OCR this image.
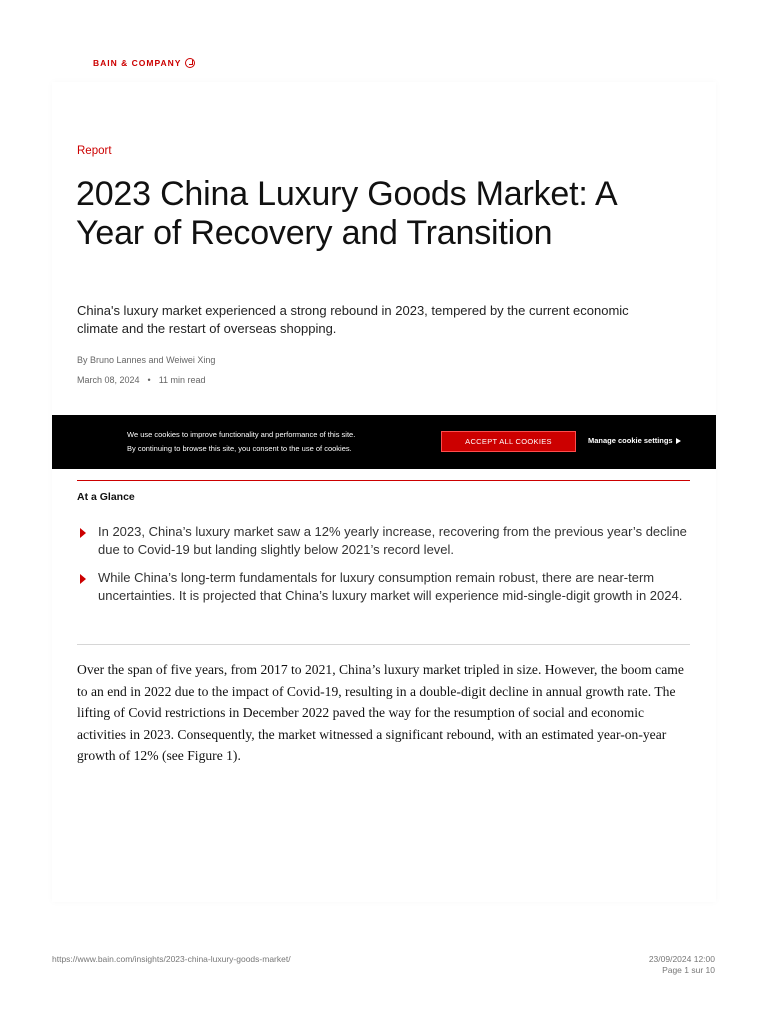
BAIN & COMPANY
Report
2023 China Luxury Goods Market: A Year of Recovery and Transition

China's luxury market experienced a strong rebound in 2023, tempered by the current economic climate and the restart of overseas shopping.

By Bruno Lannes and Weiwei Xing
March 08, 2024 • 11 min read
We use cookies to improve functionality and performance of this site.
By continuing to browse this site, you consent to the use of cookies.
ACCEPT ALL COOKIES	Manage cookie settings
At a Glance
In 2023, China’s luxury market saw a 12% yearly increase, recovering from the previous year’s decline due to Covid-19 but landing slightly below 2021’s record level.
While China’s long-term fundamentals for luxury consumption remain robust, there are near-term uncertainties. It is projected that China’s luxury market will experience mid-single-digit growth in 2024.

Over the span of five years, from 2017 to 2021, China’s luxury market tripled in size. However, the boom came to an end in 2022 due to the impact of Covid-19, resulting in a double-digit decline in annual growth rate. The lifting of Covid restrictions in December 2022 paved the way for the resumption of social and economic activities in 2023. Consequently, the market witnessed a significant rebound, with an estimated year-on-year growth of 12% (see Figure 1).

https://www.bain.com/insights/2023-china-luxury-goods-market/	23/09/2024 12:00
Page 1 sur 10
